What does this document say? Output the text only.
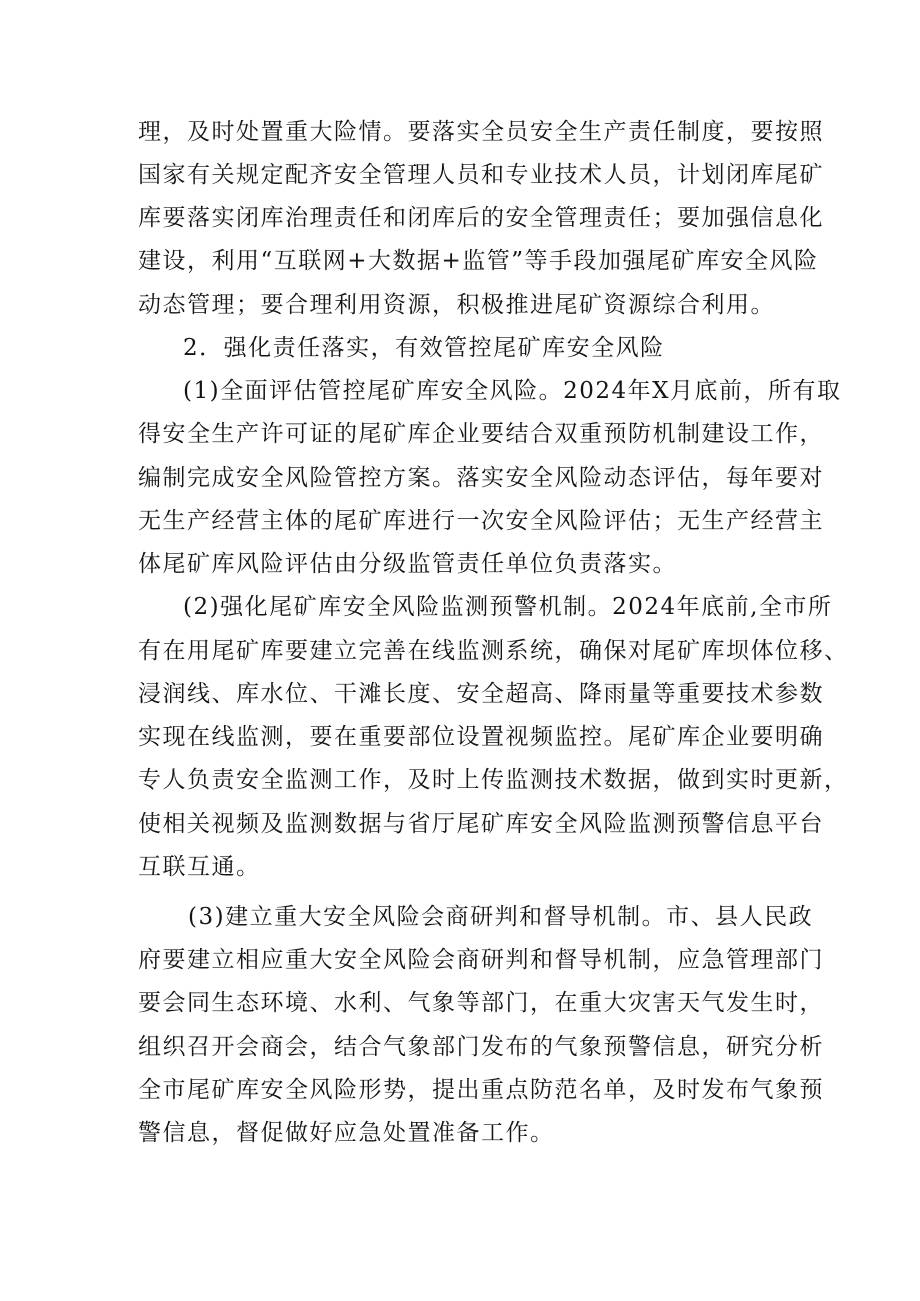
理，及时处置重大险情。要落实全员安全生产责任制度，要按照
国家有关规定配齐安全管理人员和专业技术人员，计划闭库尾矿
库要落实闭库治理责任和闭库后的安全管理责任；要加强信息化
建设，利用“互联网+大数据+监管”等手段加强尾矿库安全风险
动态管理；要合理利用资源，积极推进尾矿资源综合利用。
2．强化责任落实，有效管控尾矿库安全风险
(1)全面评估管控尾矿库安全风险。2024年X月底前，所有取
得安全生产许可证的尾矿库企业要结合双重预防机制建设工作，
编制完成安全风险管控方案。落实安全风险动态评估，每年要对
无生产经营主体的尾矿库进行一次安全风险评估；无生产经营主
体尾矿库风险评估由分级监管责任单位负责落实。
(2)强化尾矿库安全风险监测预警机制。2024年底前,全市所
有在用尾矿库要建立完善在线监测系统，确保对尾矿库坝体位移、
浸润线、库水位、干滩长度、安全超高、降雨量等重要技术参数
实现在线监测，要在重要部位设置视频监控。尾矿库企业要明确
专人负责安全监测工作，及时上传监测技术数据，做到实时更新，
使相关视频及监测数据与省厅尾矿库安全风险监测预警信息平台
互联互通。
(3)建立重大安全风险会商研判和督导机制。市、县人民政
府要建立相应重大安全风险会商研判和督导机制，应急管理部门
要会同生态环境、水利、气象等部门，在重大灾害天气发生时，
组织召开会商会，结合气象部门发布的气象预警信息，研究分析
全市尾矿库安全风险形势，提出重点防范名单，及时发布气象预
警信息，督促做好应急处置准备工作。
